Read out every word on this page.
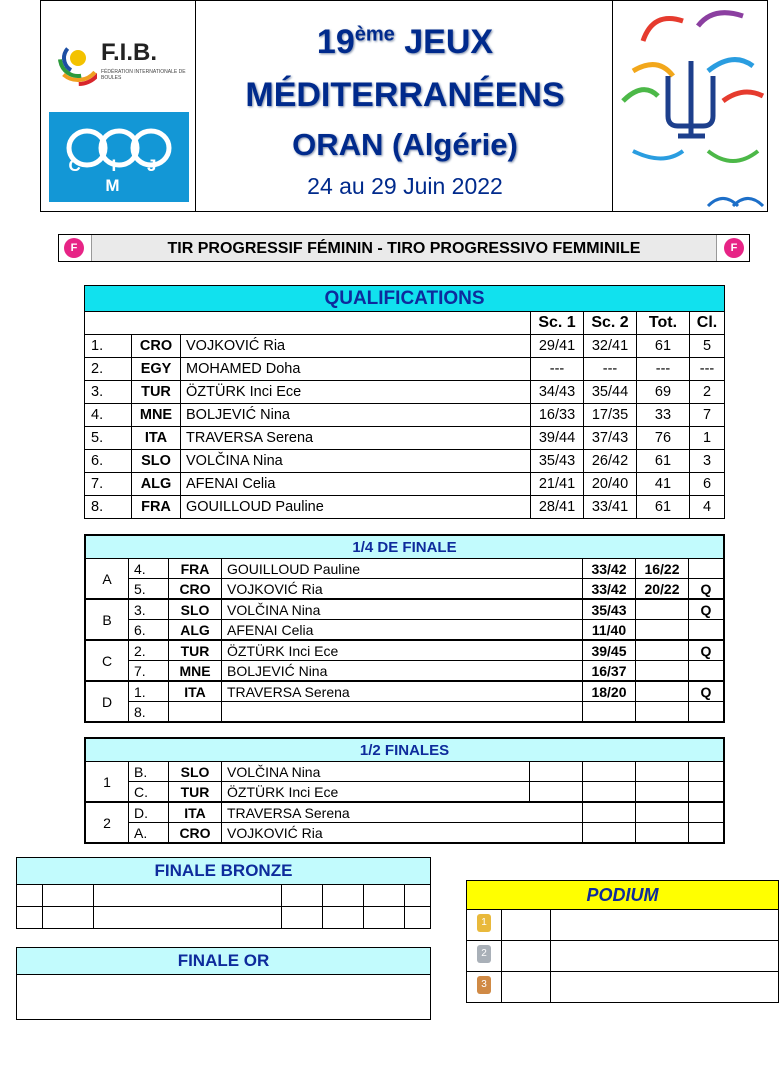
F.I.B.
FÉDÉRATION INTERNATIONALE DE BOULES
C I J M
19ème JEUX
MÉDITERRANÉENS
ORAN (Algérie)
24 au 29 Juin 2022
F	TIR PROGRESSIF FÉMININ - TIRO PROGRESSIVO FEMMINILE	F
QUALIFICATIONS						
			Sc. 1	Sc. 2	Tot.	Cl.
1.	CRO	VOJKOVIĆ Ria	29/41	32/41	61	5
2.	EGY	MOHAMED Doha	---	---	---	---
3.	TUR	ÖZTÜRK Inci Ece	34/43	35/44	69	2
4.	MNE	BOLJEVIĆ Nina	16/33	17/35	33	7
5.	ITA	TRAVERSA Serena	39/44	37/43	76	1
6.	SLO	VOLČINA Nina	35/43	26/42	61	3
7.	ALG	AFENAI Celia	21/41	20/40	41	6
8.	FRA	GOUILLOUD Pauline	28/41	33/41	61	4
1/4 DE FINALE						
A	4.	FRA	GOUILLOUD Pauline	33/42	16/22	
	5.	CRO	VOJKOVIĆ Ria	33/42	20/22	Q
B	3.	SLO	VOLČINA Nina	35/43		Q
	6.	ALG	AFENAI Celia	11/40		
C	2.	TUR	ÖZTÜRK Inci Ece	39/45		Q
	7.	MNE	BOLJEVIĆ Nina	16/37		
D	1.	ITA	TRAVERSA Serena	18/20		Q
	8.					
1/2 FINALES							
1	B.	SLO	VOLČINA Nina				
	C.	TUR	ÖZTÜRK Inci Ece				
2	D.	ITA	TRAVERSA Serena				
	A.	CRO	VOJKOVIĆ Ria				
FINALE BRONZE						

FINALE OR

PODIUM		

1		

2		

3		
